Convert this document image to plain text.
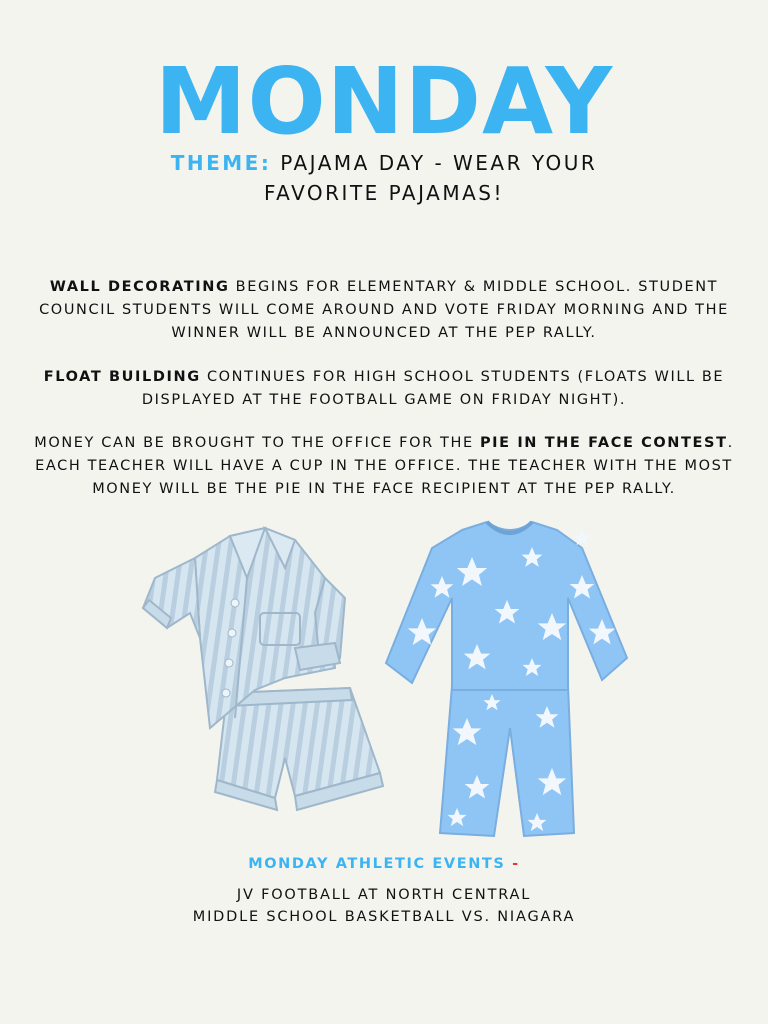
MONDAY
THEME: PAJAMA DAY - WEAR YOUR
FAVORITE PAJAMAS!
WALL DECORATING BEGINS FOR ELEMENTARY & MIDDLE SCHOOL. STUDENT COUNCIL STUDENTS WILL COME AROUND AND VOTE FRIDAY MORNING AND THE WINNER WILL BE ANNOUNCED AT THE PEP RALLY.
FLOAT BUILDING CONTINUES FOR HIGH SCHOOL STUDENTS (FLOATS WILL BE DISPLAYED AT THE FOOTBALL GAME ON FRIDAY NIGHT).
MONEY CAN BE BROUGHT TO THE OFFICE FOR THE PIE IN THE FACE CONTEST. EACH TEACHER WILL HAVE A CUP IN THE OFFICE. THE TEACHER WITH THE MOST MONEY WILL BE THE PIE IN THE FACE RECIPIENT AT THE PEP RALLY.
MONDAY ATHLETIC EVENTS -
JV FOOTBALL AT NORTH CENTRAL
MIDDLE SCHOOL BASKETBALL VS. NIAGARA
